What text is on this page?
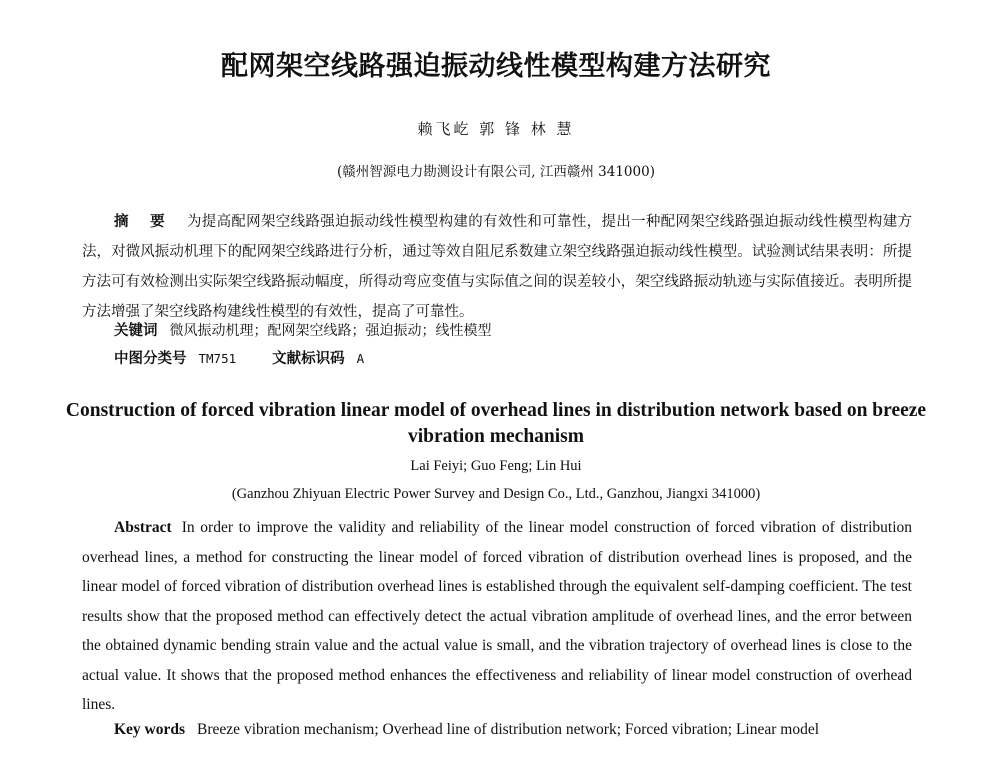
配网架空线路强迫振动线性模型构建方法研究
赖飞屹 郭 锋 林 慧
(赣州智源电力勘测设计有限公司, 江西赣州 341000)
摘 要 为提高配网架空线路强迫振动线性模型构建的有效性和可靠性，提出一种配网架空线路强迫振动线性模型构建方法，对微风振动机理下的配网架空线路进行分析，通过等效自阻尼系数建立架空线路强迫振动线性模型。试验测试结果表明：所提方法可有效检测出实际架空线路振动幅度，所得动弯应变值与实际值之间的误差较小，架空线路振动轨迹与实际值接近。表明所提方法增强了架空线路构建线性模型的有效性，提高了可靠性。
关键词 微风振动机理；配网架空线路；强迫振动；线性模型
中图分类号 TM751 文献标识码 A
Construction of forced vibration linear model of overhead lines in distribution network based on breeze vibration mechanism
Lai Feiyi; Guo Feng; Lin Hui
(Ganzhou Zhiyuan Electric Power Survey and Design Co., Ltd., Ganzhou, Jiangxi 341000)
Abstract In order to improve the validity and reliability of the linear model construction of forced vibration of distribution overhead lines, a method for constructing the linear model of forced vibration of distribution overhead lines is proposed, and the linear model of forced vibration of distribution overhead lines is established through the equivalent self-damping coefficient. The test results show that the proposed method can effectively detect the actual vibration amplitude of overhead lines, and the error between the obtained dynamic bending strain value and the actual value is small, and the vibration trajectory of overhead lines is close to the actual value. It shows that the proposed method enhances the effectiveness and reliability of linear model construction of overhead lines.
Key words Breeze vibration mechanism; Overhead line of distribution network; Forced vibration; Linear model
